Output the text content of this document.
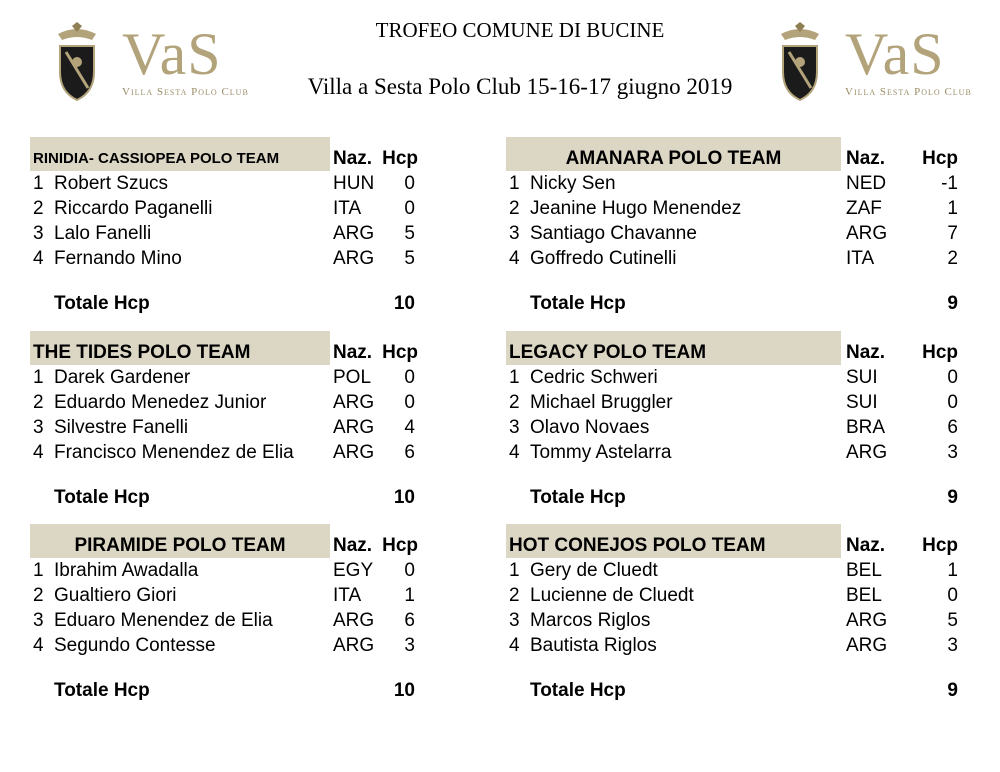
VaS
Villa Sesta Polo Club
VaS
Villa Sesta Polo Club
TROFEO COMUNE DI BUCINE
Villa a Sesta Polo Club 15-16-17 giugno 2019
RINIDIA- CASSIOPEA POLO TEAM	Naz. Hcp
1 Robert Szucs	HUN	0
2 Riccardo Paganelli	ITA	0
3 Lalo Fanelli	ARG	5
4 Fernando Mino	ARG	5
Totale Hcp	10
AMANARA POLO TEAM	Naz. Hcp
1 Nicky Sen	NED	-1
2 Jeanine Hugo Menendez	ZAF	1
3 Santiago Chavanne	ARG	7
4 Goffredo Cutinelli	ITA	2
Totale Hcp	9
THE TIDES POLO TEAM	Naz. Hcp
1 Darek Gardener	POL	0
2 Eduardo Menedez Junior	ARG	0
3 Silvestre Fanelli	ARG	4
4 Francisco Menendez de Elia ARG	6
Totale Hcp	10
LEGACY POLO TEAM	Naz. Hcp
1 Cedric Schweri	SUI	0
2 Michael Bruggler	SUI	0
3 Olavo Novaes	BRA	6
4 Tommy Astelarra	ARG	3
Totale Hcp	9
PIRAMIDE POLO TEAM	Naz. Hcp
1 Ibrahim Awadalla	EGY	0
2 Gualtiero Giori	ITA	1
3 Eduaro Menendez de Elia	ARG	6
4 Segundo Contesse	ARG	3
Totale Hcp	10
HOT CONEJOS POLO TEAM	Naz. Hcp
1 Gery de Cluedt	BEL	1
2 Lucienne de Cluedt	BEL	0
3 Marcos Riglos	ARG	5
4 Bautista Riglos	ARG	3
Totale Hcp	9
